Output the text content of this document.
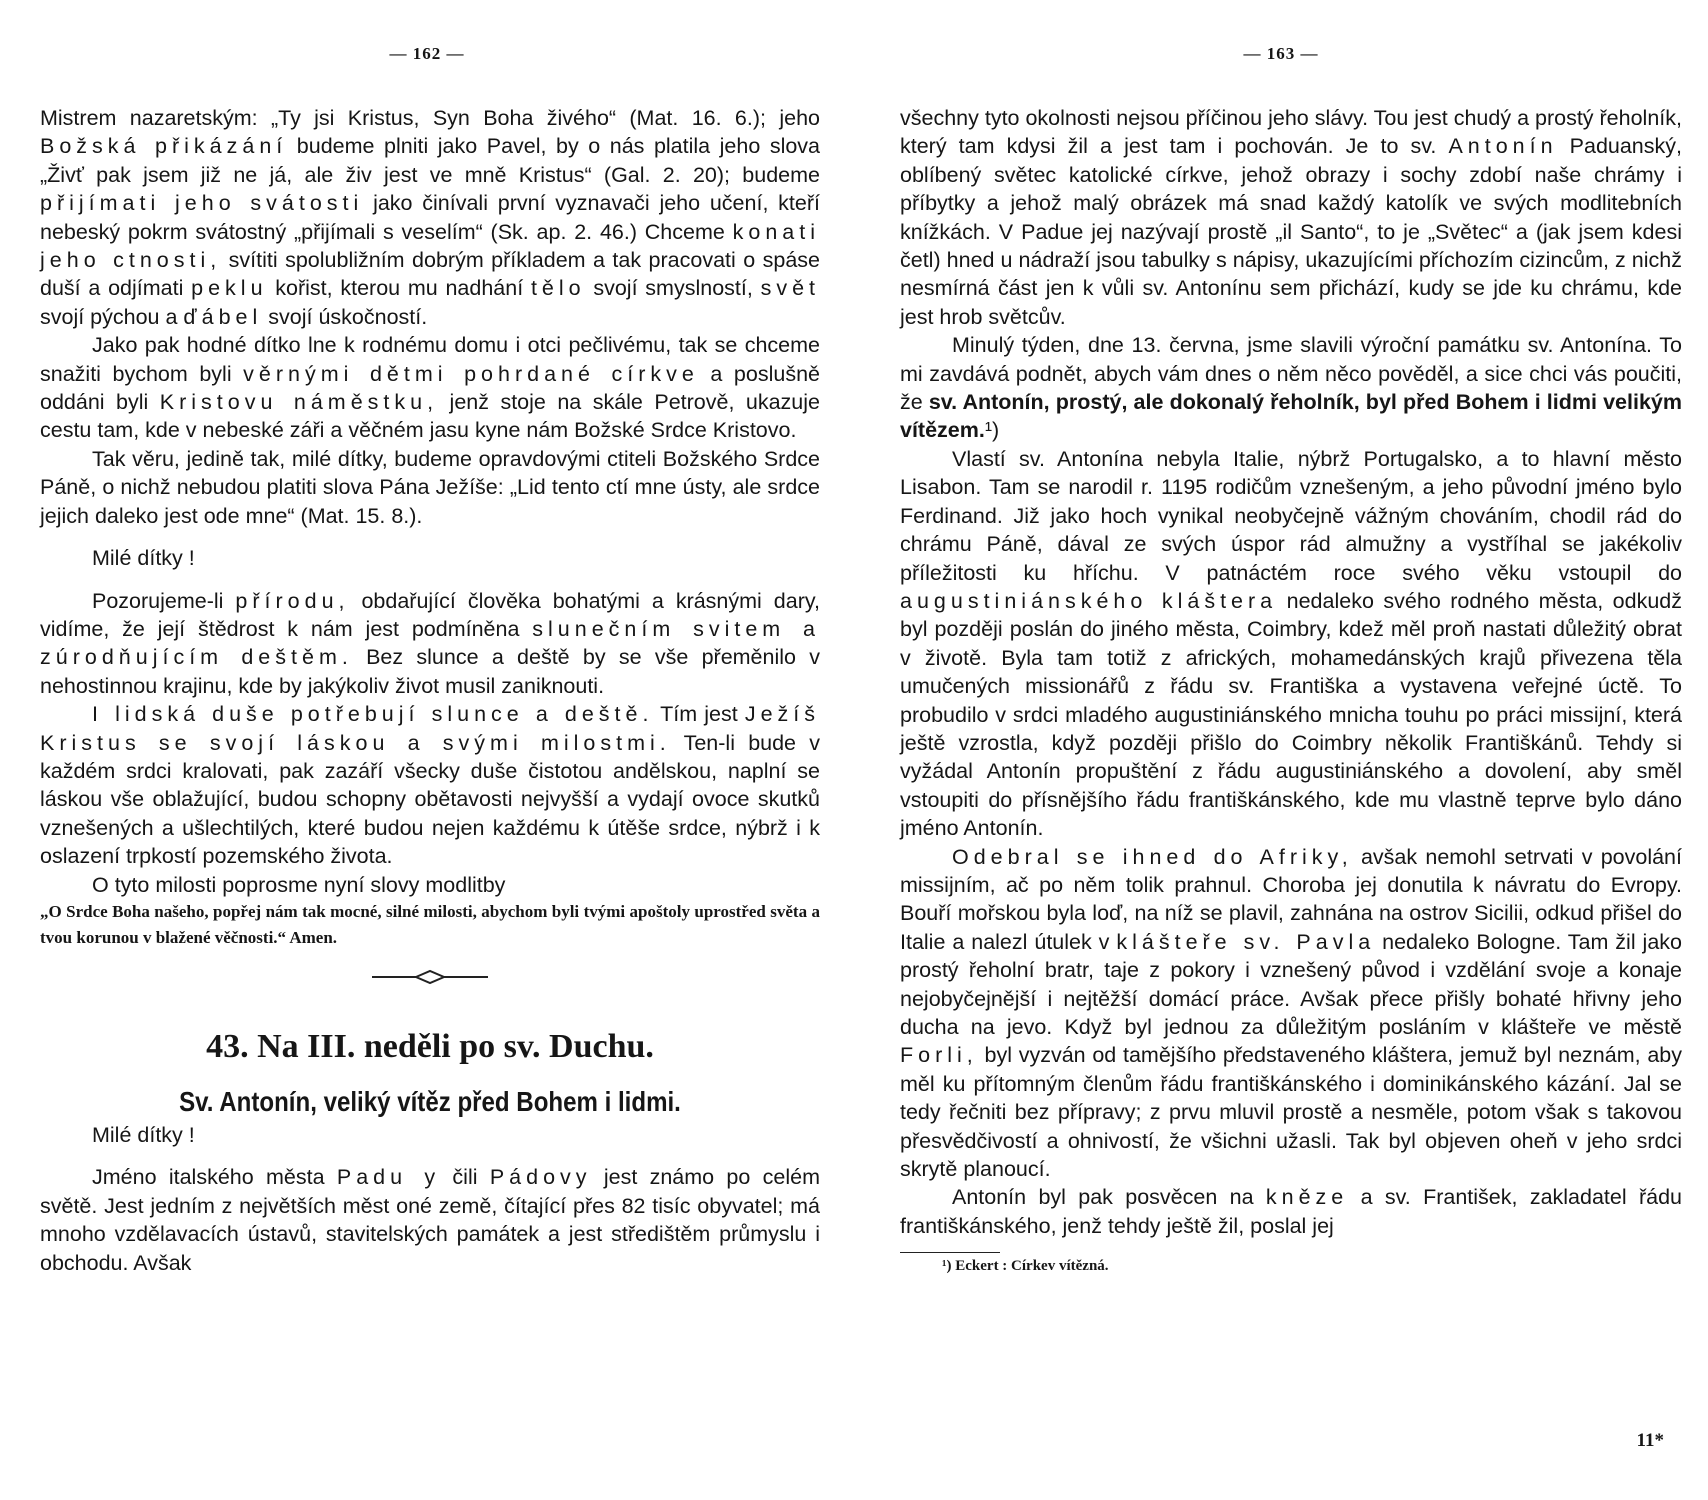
— 162 —

Mistrem nazaretským: „Ty jsi Kristus, Syn Boha živého“ (Mat. 16. 6.); jeho Božská přikázání budeme plniti jako Pavel, by o nás platila jeho slova „Živť pak jsem již ne já, ale živ jest ve mně Kristus“ (Gal. 2. 20); budeme přijímati jeho svátosti jako činívali první vyznavači jeho učení, kteří nebeský pokrm svátostný „přijímali s veselím“ (Sk. ap. 2. 46.) Chceme konati jeho ctnosti, svítiti spolubližním dobrým příkladem a tak pracovati o spáse duší a odjímati peklu kořist, kterou mu nadhání tělo svojí smyslností, svět svojí pýchou a ďábel svojí úskočností.

Jako pak hodné dítko lne k rodnému domu i otci pečlivému, tak se chceme snažiti bychom byli věrnými dětmi pohrdané církve a poslušně oddáni byli Kristovu náměstku, jenž stoje na skále Petrově, ukazuje cestu tam, kde v nebeské záři a věčném jasu kyne nám Božské Srdce Kristovo.

Tak věru, jedině tak, milé dítky, budeme opravdovými ctiteli Božského Srdce Páně, o nichž nebudou platiti slova Pána Ježíše: „Lid tento ctí mne ústy, ale srdce jejich daleko jest ode mne“ (Mat. 15. 8.).

Milé dítky !

Pozorujeme-li přírodu, obdařující člověka bohatými a krásnými dary, vidíme, že její štědrost k nám jest podmíněna slunečním svitem a zúrodňujícím deštěm. Bez slunce a deště by se vše přeměnilo v nehostinnou krajinu, kde by jakýkoliv život musil zaniknouti.

I lidská duše potřebují slunce a deště. Tím jest Ježíš Kristus se svojí láskou a svými milostmi. Ten-li bude v každém srdci kralovati, pak zazáří všecky duše čistotou andělskou, naplní se láskou vše oblažující, budou schopny obětavosti nejvyšší a vydají ovoce skutků vznešených a ušlechtilých, které budou nejen každému k útěše srdce, nýbrž i k oslazení trpkostí pozemského života.

O tyto milosti poprosme nyní slovy modlitby

„O Srdce Boha našeho, popřej nám tak mocné, silné milosti, abychom byli tvými apoštoly uprostřed světa a tvou korunou v blažené věčnosti.“ Amen.

43. Na III. neděli po sv. Duchu.
Sv. Antonín, veliký vítěz před Bohem i lidmi.

Milé dítky !

Jméno italského města Padu y čili Pádovy jest známo po celém světě. Jest jedním z největších měst oné země, čítající přes 82 tisíc obyvatel; má mnoho vzdělavacích ústavů, stavitelských památek a jest středištěm průmyslu i obchodu. Avšak

— 163 —

všechny tyto okolnosti nejsou příčinou jeho slávy. Tou jest chudý a prostý řeholník, který tam kdysi žil a jest tam i pochován. Je to sv. Antonín Paduanský, oblíbený světec katolické církve, jehož obrazy i sochy zdobí naše chrámy i příbytky a jehož malý obrázek má snad každý katolík ve svých modlitebních knížkách. V Padue jej nazývají prostě „il Santo“, to je „Světec“ a (jak jsem kdesi četl) hned u nádraží jsou tabulky s nápisy, ukazujícími příchozím cizincům, z nichž nesmírná část jen k vůli sv. Antonínu sem přichází, kudy se jde ku chrámu, kde jest hrob světcův.

Minulý týden, dne 13. června, jsme slavili výroční památku sv. Antonína. To mi zavdává podnět, abych vám dnes o něm něco pověděl, a sice chci vás poučiti, že sv. Antonín, prostý, ale dokonalý řeholník, byl před Bohem i lidmi velikým vítězem.¹)

Vlastí sv. Antonína nebyla Italie, nýbrž Portugalsko, a to hlavní město Lisabon. Tam se narodil r. 1195 rodičům vznešeným, a jeho původní jméno bylo Ferdinand. Již jako hoch vynikal neobyčejně vážným chováním, chodil rád do chrámu Páně, dával ze svých úspor rád almužny a vystříhal se jakékoliv příležitosti ku hříchu. V patnáctém roce svého věku vstoupil do augustiniánského kláštera nedaleko svého rodného města, odkudž byl později poslán do jiného města, Coimbry, kdež měl proň nastati důležitý obrat v životě. Byla tam totiž z afrických, mohamedánských krajů přivezena těla umučených missionářů z řádu sv. Františka a vystavena veřejné úctě. To probudilo v srdci mladého augustiniánského mnicha touhu po práci missijní, která ještě vzrostla, když později přišlo do Coimbry několik Františkánů. Tehdy si vyžádal Antonín propuštění z řádu augustiniánského a dovolení, aby směl vstoupiti do přísnějšího řádu františkánského, kde mu vlastně teprve bylo dáno jméno Antonín.

Odebral se ihned do Afriky, avšak nemohl setrvati v povolání missijním, ač po něm tolik prahnul. Choroba jej donutila k návratu do Evropy. Bouří mořskou byla loď, na níž se plavil, zahnána na ostrov Sicilii, odkud přišel do Italie a nalezl útulek v klášteře sv. Pavla nedaleko Bologne. Tam žil jako prostý řeholní bratr, taje z pokory i vznešený původ i vzdělání svoje a konaje nejobyčejnější i nejtěžší domácí práce. Avšak přece přišly bohaté hřivny jeho ducha na jevo. Když byl jednou za důležitým posláním v klášteře ve městě Forli, byl vyzván od tamějšího představeného kláštera, jemuž byl neznám, aby měl ku přítomným členům řádu františkánského i dominikánského kázání. Jal se tedy řečniti bez přípravy; z prvu mluvil prostě a nesměle, potom však s takovou přesvědčivostí a ohnivostí, že všichni užasli. Tak byl objeven oheň v jeho srdci skrytě planoucí.

Antonín byl pak posvěcen na kněze a sv. František, zakladatel řádu františkánského, jenž tehdy ještě žil, poslal jej

¹) Eckert : Církev vítězná.

11*
